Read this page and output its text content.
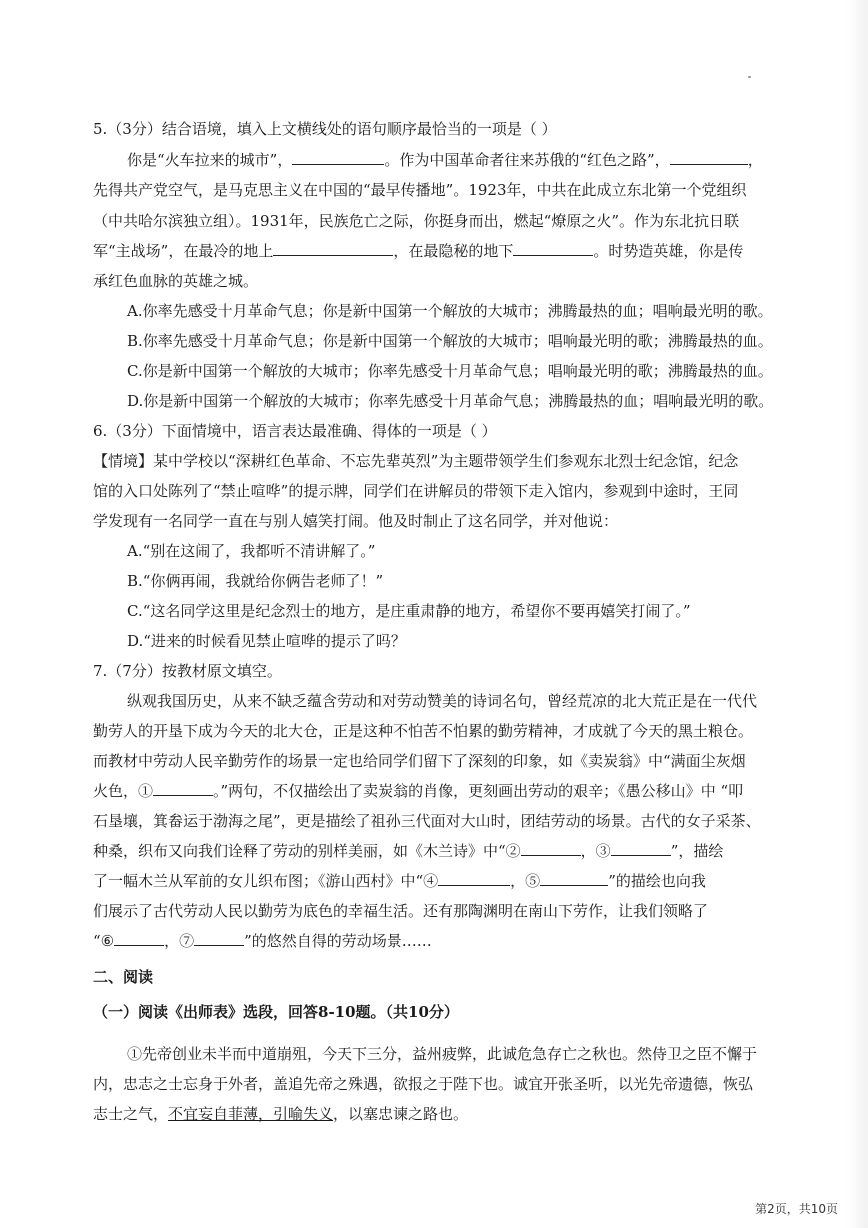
5.（3分）结合语境，填入上文横线处的语句顺序最恰当的一项是（ ）
你是“火车拉来的城市”，	。作为中国革命者往来苏俄的“红色之路”，	，
先得共产党空气，是马克思主义在中国的“最早传播地”。1923年，中共在此成立东北第一个党组织
（中共哈尔滨独立组）。1931年，民族危亡之际，你挺身而出，燃起“燎原之火”。作为东北抗日联
军“主战场”，在最冷的地上	，在最隐秘的地下	。时势造英雄，你是传
承红色血脉的英雄之城。
A.你率先感受十月革命气息；你是新中国第一个解放的大城市；沸腾最热的血；唱响最光明的歌。
B.你率先感受十月革命气息；你是新中国第一个解放的大城市；唱响最光明的歌；沸腾最热的血。
C.你是新中国第一个解放的大城市；你率先感受十月革命气息；唱响最光明的歌；沸腾最热的血。
D.你是新中国第一个解放的大城市；你率先感受十月革命气息；沸腾最热的血；唱响最光明的歌。
6.（3分）下面情境中，语言表达最准确、得体的一项是（ ）
【情境】某中学校以“深耕红色革命、不忘先辈英烈”为主题带领学生们参观东北烈士纪念馆，纪念
馆的入口处陈列了“禁止喧哗”的提示牌，同学们在讲解员的带领下走入馆内，参观到中途时，王同
学发现有一名同学一直在与别人嬉笑打闹。他及时制止了这名同学，并对他说：
A.“别在这闹了，我都听不清讲解了。”
B.“你俩再闹，我就给你俩告老师了！”
C.“这名同学这里是纪念烈士的地方，是庄重肃静的地方，希望你不要再嬉笑打闹了。”
D.“进来的时候看见禁止喧哗的提示了吗？
7.（7分）按教材原文填空。
纵观我国历史，从来不缺乏蕴含劳动和对劳动赞美的诗词名句，曾经荒凉的北大荒正是在一代代
勤劳人的开垦下成为今天的北大仓，正是这种不怕苦不怕累的勤劳精神，才成就了今天的黑土粮仓。
而教材中劳动人民辛勤劳作的场景一定也给同学们留下了深刻的印象，如《卖炭翁》中“满面尘灰烟
火色，①	。”两句，不仅描绘出了卖炭翁的肖像，更刻画出劳动的艰辛；《愚公移山》中 “叩
石垦壤，箕畚运于渤海之尾”，更是描绘了祖孙三代面对大山时，团结劳动的场景。古代的女子采茶、
种桑，织布又向我们诠释了劳动的别样美丽，如《木兰诗》中“②	，③	”，描绘
了一幅木兰从军前的女儿织布图；《游山西村》中“④	，⑤	”的描绘也向我
们展示了古代劳动人民以勤劳为底色的幸福生活。还有那陶渊明在南山下劳作，让我们领略了
“⑥	，⑦	”的悠然自得的劳动场景……
二、阅读
（一）阅读《出师表》选段，回答8-10题。（共10分）
①先帝创业未半而中道崩殂，今天下三分，益州疲弊，此诚危急存亡之秋也。然侍卫之臣不懈于
内，忠志之士忘身于外者，盖追先帝之殊遇，欲报之于陛下也。诚宜开张圣听，以光先帝遗德，恢弘
志士之气，不宜妄自菲薄，引喻失义，以塞忠谏之路也。
第2页，共10页
